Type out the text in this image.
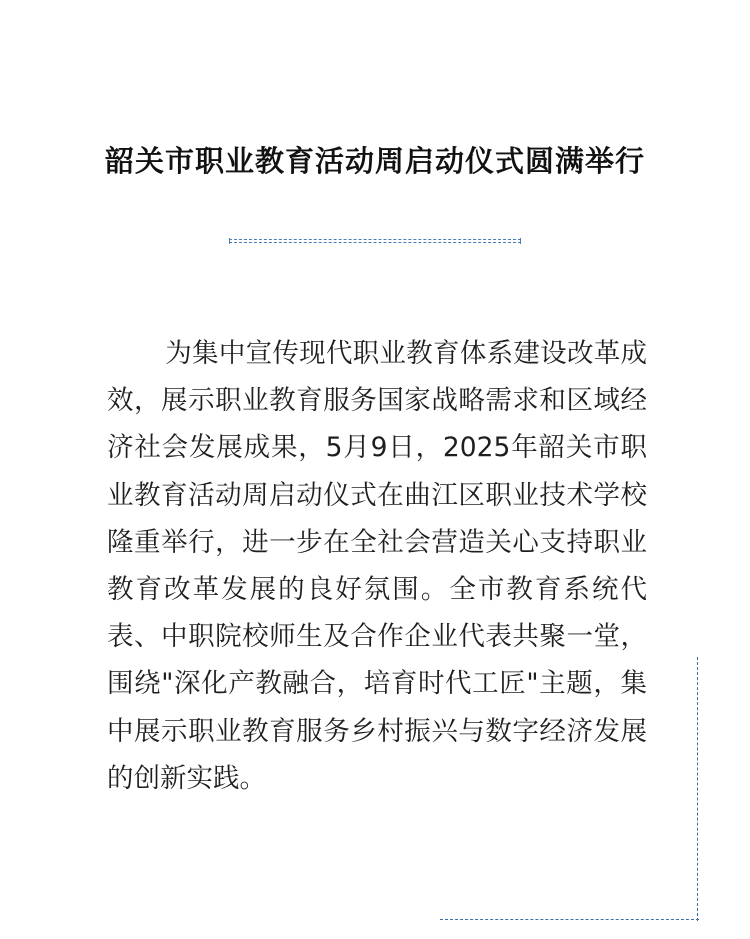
韶关市职业教育活动周启动仪式圆满举行

为集中宣传现代职业教育体系建设改革成效，展示职业教育服务国家战略需求和区域经济社会发展成果，5月9日，2025年韶关市职业教育活动周启动仪式在曲江区职业技术学校隆重举行，进一步在全社会营造关心支持职业教育改革发展的良好氛围。全市教育系统代表、中职院校师生及合作企业代表共聚一堂，围绕"深化产教融合，培育时代工匠"主题，集中展示职业教育服务乡村振兴与数字经济发展的创新实践。
